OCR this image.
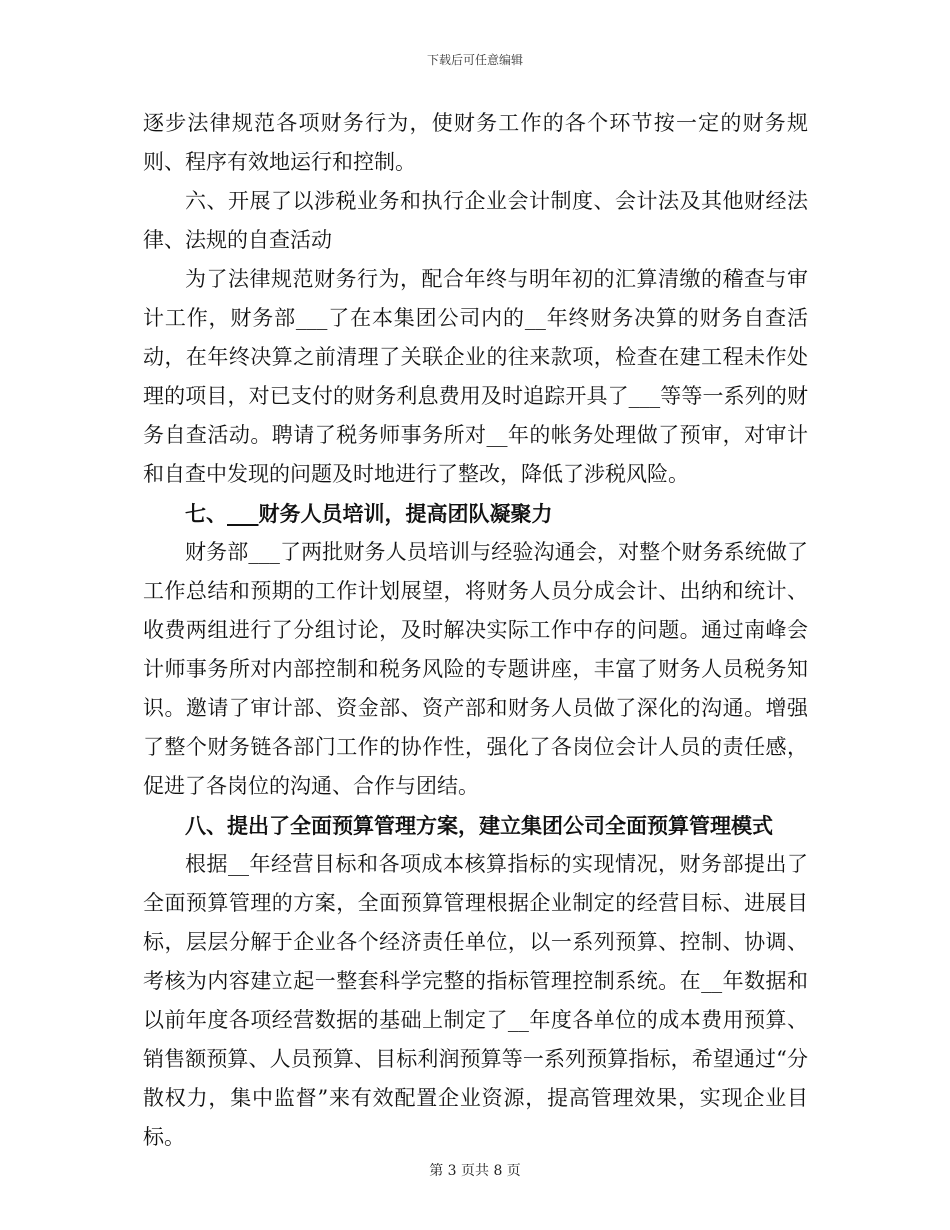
下载后可任意编辑

逐步法律规范各项财务行为，使财务工作的各个环节按一定的财务规则、程序有效地运行和控制。

六、开展了以涉税业务和执行企业会计制度、会计法及其他财经法律、法规的自查活动

为了法律规范财务行为，配合年终与明年初的汇算清缴的稽查与审计工作，财务部___了在本集团公司内的__年终财务决算的财务自查活动，在年终决算之前清理了关联企业的往来款项，检查在建工程未作处理的项目，对已支付的财务利息费用及时追踪开具了___等等一系列的财务自查活动。聘请了税务师事务所对__年的帐务处理做了预审，对审计和自查中发现的问题及时地进行了整改，降低了涉税风险。

七、___财务人员培训，提高团队凝聚力

财务部___了两批财务人员培训与经验沟通会，对整个财务系统做了工作总结和预期的工作计划展望，将财务人员分成会计、出纳和统计、收费两组进行了分组讨论，及时解决实际工作中存的问题。通过南峰会计师事务所对内部控制和税务风险的专题讲座，丰富了财务人员税务知识。邀请了审计部、资金部、资产部和财务人员做了深化的沟通。增强了整个财务链各部门工作的协作性，强化了各岗位会计人员的责任感，促进了各岗位的沟通、合作与团结。

八、提出了全面预算管理方案，建立集团公司全面预算管理模式

根据__年经营目标和各项成本核算指标的实现情况，财务部提出了全面预算管理的方案，全面预算管理根据企业制定的经营目标、进展目标，层层分解于企业各个经济责任单位，以一系列预算、控制、协调、考核为内容建立起一整套科学完整的指标管理控制系统。在__年数据和以前年度各项经营数据的基础上制定了__年度各单位的成本费用预算、销售额预算、人员预算、目标利润预算等一系列预算指标，希望通过“分散权力，集中监督”来有效配置企业资源，提高管理效果，实现企业目标。

第 3 页共 8 页
